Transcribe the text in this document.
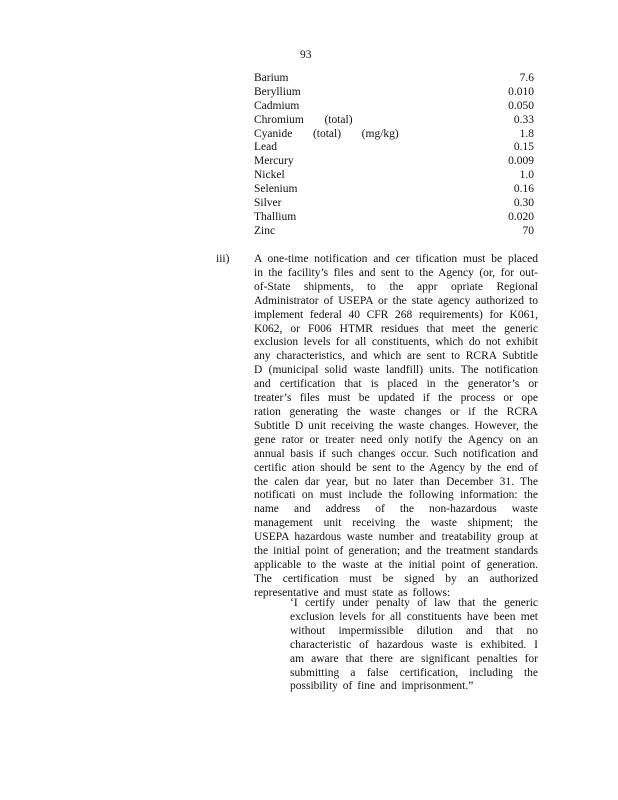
93
Barium	7.6
Beryllium	0.010
Cadmium	0.050
Chromium   (total)	0.33
Cyanide   (total)   (mg/kg)	1.8
Lead	0.15
Mercury	0.009
Nickel	1.0
Selenium	0.16
Silver	0.30
Thallium	0.020
Zinc	70
iii) A one-time notification and cer tification must be placed in the facility’s files and sent to the Agency (or, for out-of-State shipments, to the appr opriate Regional Administrator of USEPA or the state agency authorized to implement federal 40 CFR 268 requirements) for K061, K062, or F006 HTMR residues that meet the generic exclusion levels for all constituents, which do not exhibit any characteristics, and which are sent to RCRA Subtitle D (municipal solid waste landfill) units. The notification and certification that is placed in the generator’s or treater’s files must be updated if the process or ope ration generating the waste changes or if the RCRA Subtitle D unit receiving the waste changes. However, the gene rator or treater need only notify the Agency on an annual basis if such changes occur. Such notification and certific ation should be sent to the Agency by the end of the calen dar year, but no later than December 31. The notificati on must include the following information: the name and address of the non-hazardous waste management unit receiving the waste shipment; the USEPA hazardous waste number and treatability group at the initial point of generation; and the treatment standards applicable to the waste at the initial point of generation. The certification must be signed by an authorized representative and must state as follows:
‘I certify under penalty of law that the generic exclusion levels for all constituents have been met without impermissible dilution and that no characteristic of hazardous waste is exhibited. I am aware that there are significant penalties for submitting a false certification, including the possibility of fine and imprisonment.”
